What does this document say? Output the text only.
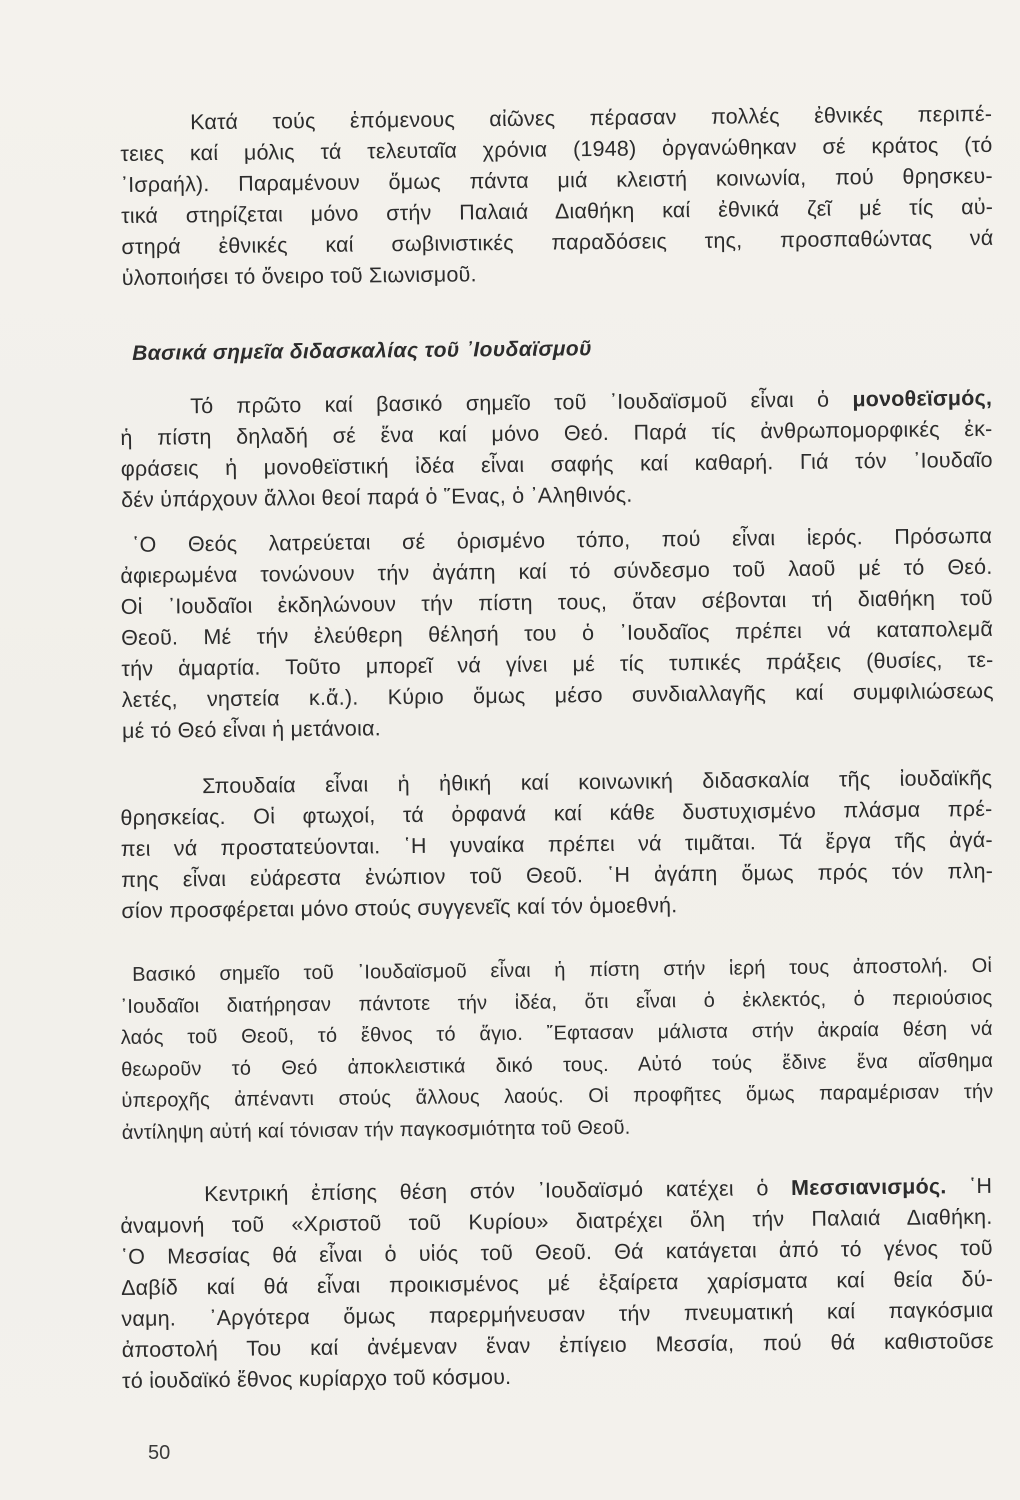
Κατά τούς ἑπόμενους αἰῶνες πέρασαν πολλές ἐθνικές περιπέ-
τειες καί μόλις τά τελευταῖα χρόνια (1948) ὀργανώθηκαν σέ κράτος (τό
᾿Ισραήλ). Παραμένουν ὅμως πάντα μιά κλειστή κοινωνία, πού θρησκευ-
τικά στηρίζεται μόνο στήν Παλαιά Διαθήκη καί ἐθνικά ζεῖ μέ τίς αὐ-
στηρά ἐθνικές καί σωβινιστικές παραδόσεις της, προσπαθώντας νά
ὑλοποιήσει τό ὄνειρο τοῦ Σιωνισμοῦ.
Βασικά σημεῖα διδασκαλίας τοῦ ᾿Ιουδαϊσμοῦ
Τό πρῶτο καί βασικό σημεῖο τοῦ ᾿Ιουδαϊσμοῦ εἶναι ὁ μονοθεϊσμός,
ἡ πίστη δηλαδή σέ ἕνα καί μόνο Θεό. Παρά τίς ἀνθρωπομορφικές ἐκ-
φράσεις ἡ μονοθεϊστική ἰδέα εἶναι σαφής καί καθαρή. Γιά τόν ᾿Ιουδαῖο
δέν ὑπάρχουν ἄλλοι θεοί παρά ὁ ῞Ενας, ὁ ᾿Αληθινός.
῾Ο Θεός λατρεύεται σέ ὁρισμένο τόπο, πού εἶναι ἱερός. Πρόσωπα
ἀφιερωμένα τονώνουν τήν ἀγάπη καί τό σύνδεσμο τοῦ λαοῦ μέ τό Θεό.
Οἱ ᾿Ιουδαῖοι ἐκδηλώνουν τήν πίστη τους, ὅταν σέβονται τή διαθήκη τοῦ
Θεοῦ. Μέ τήν ἐλεύθερη θέλησή του ὁ ᾿Ιουδαῖος πρέπει νά καταπολεμᾶ
τήν ἁμαρτία. Τοῦτο μπορεῖ νά γίνει μέ τίς τυπικές πράξεις (θυσίες, τε-
λετές, νηστεία κ.ἄ.). Κύριο ὅμως μέσο συνδιαλλαγῆς καί συμφιλιώσεως
μέ τό Θεό εἶναι ἡ μετάνοια.
Σπουδαία εἶναι ἡ ἠθική καί κοινωνική διδασκαλία τῆς ἰουδαϊκῆς
θρησκείας. Οἱ φτωχοί, τά ὀρφανά καί κάθε δυστυχισμένο πλάσμα πρέ-
πει νά προστατεύονται. ῾Η γυναίκα πρέπει νά τιμᾶται. Τά ἔργα τῆς ἀγά-
πης εἶναι εὐάρεστα ἐνώπιον τοῦ Θεοῦ. ῾Η ἀγάπη ὅμως πρός τόν πλη-
σίον προσφέρεται μόνο στούς συγγενεῖς καί τόν ὁμοεθνή.
Βασικό σημεῖο τοῦ ᾿Ιουδαϊσμοῦ εἶναι ἡ πίστη στήν ἱερή τους ἀποστολή. Οἱ
᾿Ιουδαῖοι διατήρησαν πάντοτε τήν ἰδέα, ὅτι εἶναι ὁ ἐκλεκτός, ὁ περιούσιος
λαός τοῦ Θεοῦ, τό ἔθνος τό ἅγιο. ῎Εφτασαν μάλιστα στήν ἀκραία θέση νά
θεωροῦν τό Θεό ἀποκλειστικά δικό τους. Αὐτό τούς ἔδινε ἕνα αἴσθημα
ὑπεροχῆς ἀπέναντι στούς ἄλλους λαούς. Οἱ προφῆτες ὅμως παραμέρισαν τήν
ἀντίληψη αὐτή καί τόνισαν τήν παγκοσμιότητα τοῦ Θεοῦ.
Κεντρική ἐπίσης θέση στόν ᾿Ιουδαϊσμό κατέχει ὁ Μεσσιανισμός. ῾Η
ἀναμονή τοῦ «Χριστοῦ τοῦ Κυρίου» διατρέχει ὅλη τήν Παλαιά Διαθήκη.
῾Ο Μεσσίας θά εἶναι ὁ υἱός τοῦ Θεοῦ. Θά κατάγεται ἀπό τό γένος τοῦ
Δαβίδ καί θά εἶναι προικισμένος μέ ἐξαίρετα χαρίσματα καί θεία δύ-
ναμη. ᾿Αργότερα ὅμως παρερμήνευσαν τήν πνευματική καί παγκόσμια
ἀποστολή Του καί ἀνέμεναν ἕναν ἐπίγειο Μεσσία, πού θά καθιστοῦσε
τό ἰουδαϊκό ἔθνος κυρίαρχο τοῦ κόσμου.
50
